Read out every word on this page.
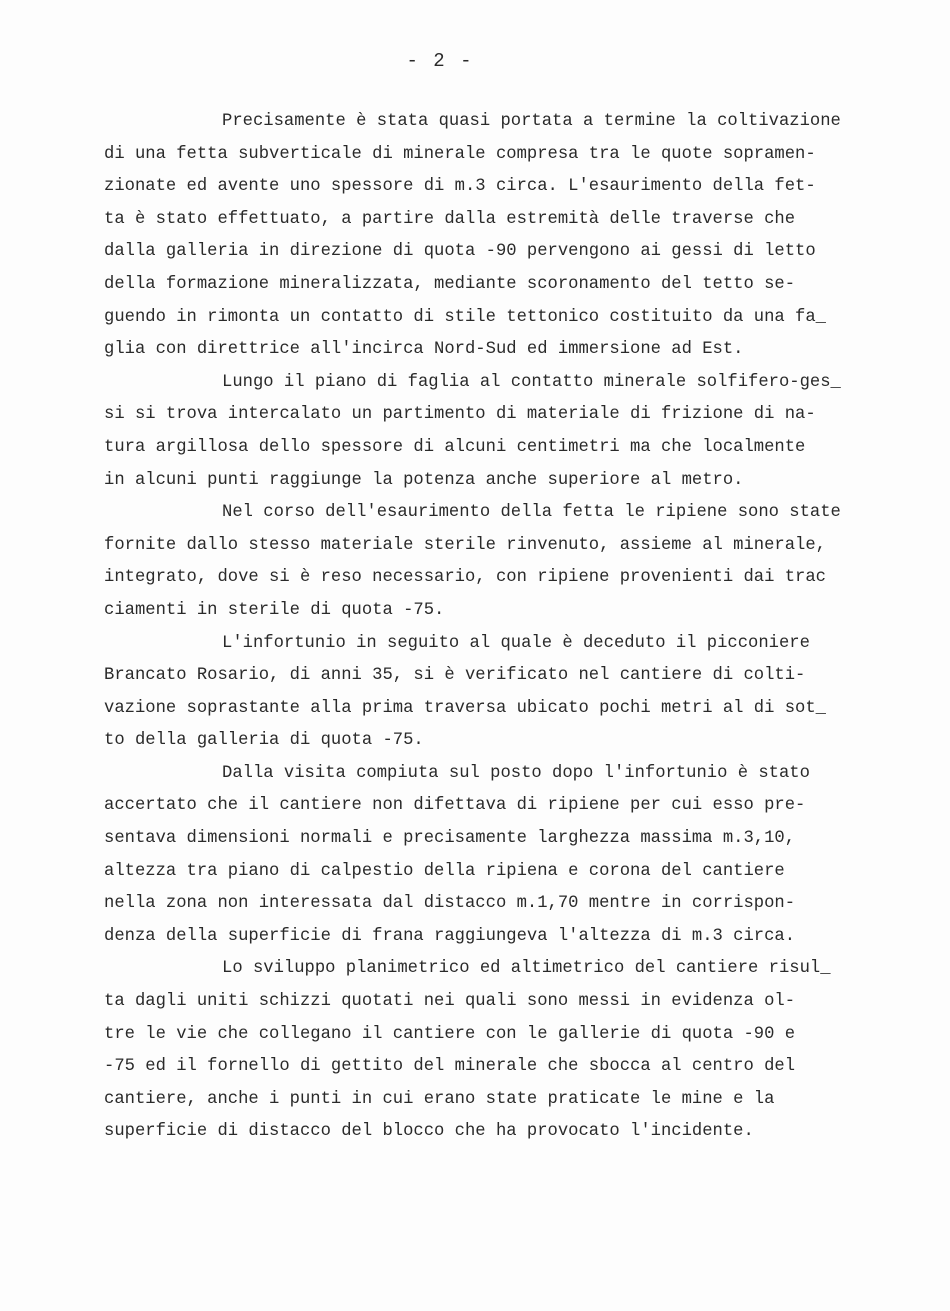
- 2 -
Precisamente è stata quasi portata a termine la coltivazione
di una fetta subverticale di minerale compresa tra le quote sopramen-
zionate ed avente uno spessore di m.3 circa. L'esaurimento della fet-
ta è stato effettuato, a partire dalla estremità delle traverse che
dalla galleria in direzione di quota -90 pervengono ai gessi di letto
della formazione mineralizzata, mediante scoronamento del tetto se-
guendo in rimonta un contatto di stile tettonico costituito da una fa_
glia con direttrice all'incirca Nord-Sud ed immersione ad Est.
Lungo il piano di faglia al contatto minerale solfifero-ges_
si si trova intercalato un partimento di materiale di frizione di na-
tura argillosa dello spessore di alcuni centimetri ma che localmente
in alcuni punti raggiunge la potenza anche superiore al metro.
Nel corso dell'esaurimento della fetta le ripiene sono state
fornite dallo stesso materiale sterile rinvenuto, assieme al minerale,
integrato, dove si è reso necessario, con ripiene provenienti dai trac
ciamenti in sterile di quota -75.
L'infortunio in seguito al quale è deceduto il picconiere
Brancato Rosario, di anni 35, si è verificato nel cantiere di colti-
vazione soprastante alla prima traversa ubicato pochi metri al di sot_
to della galleria di quota -75.
Dalla visita compiuta sul posto dopo l'infortunio è stato
accertato che il cantiere non difettava di ripiene per cui esso pre-
sentava dimensioni normali e precisamente larghezza massima m.3,10,
altezza tra piano di calpestio della ripiena e corona del cantiere
nella zona non interessata dal distacco m.1,70 mentre in corrispon-
denza della superficie di frana raggiungeva l'altezza di m.3 circa.
Lo sviluppo planimetrico ed altimetrico del cantiere risul_
ta dagli uniti schizzi quotati nei quali sono messi in evidenza ol-
tre le vie che collegano il cantiere con le gallerie di quota -90 e
-75 ed il fornello di gettito del minerale che sbocca al centro del
cantiere, anche i punti in cui erano state praticate le mine e la
superficie di distacco del blocco che ha provocato l'incidente.
